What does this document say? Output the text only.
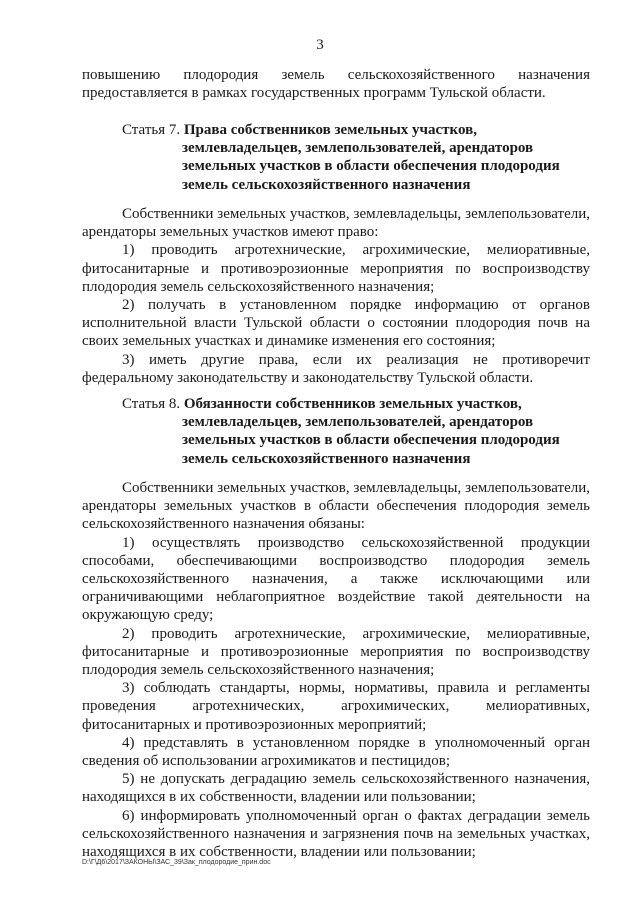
3

повышению плодородия земель сельскохозяйственного назначения

предоставляется в рамках государственных программ Тульской области.

Статья 7. Права собственников земельных участков,

землевладельцев, землепользователей, арендаторов

земельных участков в области обеспечения плодородия

земель сельскохозяйственного назначения

Собственники земельных участков, землевладельцы, землепользователи, арендаторы земельных участков имеют право:

1) проводить агротехнические, агрохимические, мелиоративные, фитосанитарные и противоэрозионные мероприятия по воспроизводству плодородия земель сельскохозяйственного назначения;

2) получать в установленном порядке информацию от органов исполнительной власти Тульской области о состоянии плодородия почв на своих земельных участках и динамике изменения его состояния;

3) иметь другие права, если их реализация не противоречит федеральному законодательству и законодательству Тульской области.

Статья 8. Обязанности собственников земельных участков,

землевладельцев, землепользователей, арендаторов

земельных участков в области обеспечения плодородия

земель сельскохозяйственного назначения

Собственники земельных участков, землевладельцы, землепользователи, арендаторы земельных участков в области обеспечения плодородия земель сельскохозяйственного назначения обязаны:

1) осуществлять производство сельскохозяйственной продукции способами, обеспечивающими воспроизводство плодородия земель сельскохозяйственного назначения, а также исключающими или ограничивающими неблагоприятное воздействие такой деятельности на окружающую среду;

2) проводить агротехнические, агрохимические, мелиоративные, фитосанитарные и противоэрозионные мероприятия по воспроизводству плодородия земель сельскохозяйственного назначения;

3) соблюдать стандарты, нормы, нормативы, правила и регламенты проведения агротехнических, агрохимических, мелиоративных, фитосанитарных и противоэрозионных мероприятий;

4) представлять в установленном порядке в уполномоченный орган сведения об использовании агрохимикатов и пестицидов;

5) не допускать деградацию земель сельскохозяйственного назначения, находящихся в их собственности, владении или пользовании;

6) информировать уполномоченный орган о фактах деградации земель сельскохозяйственного назначения и загрязнения почв на земельных участках, находящихся в их собственности, владении или пользовании;

D:\Г\Д6\2017\ЗАКОНЫ\ЗАС_39\Зак_плодородие_прин.doc
